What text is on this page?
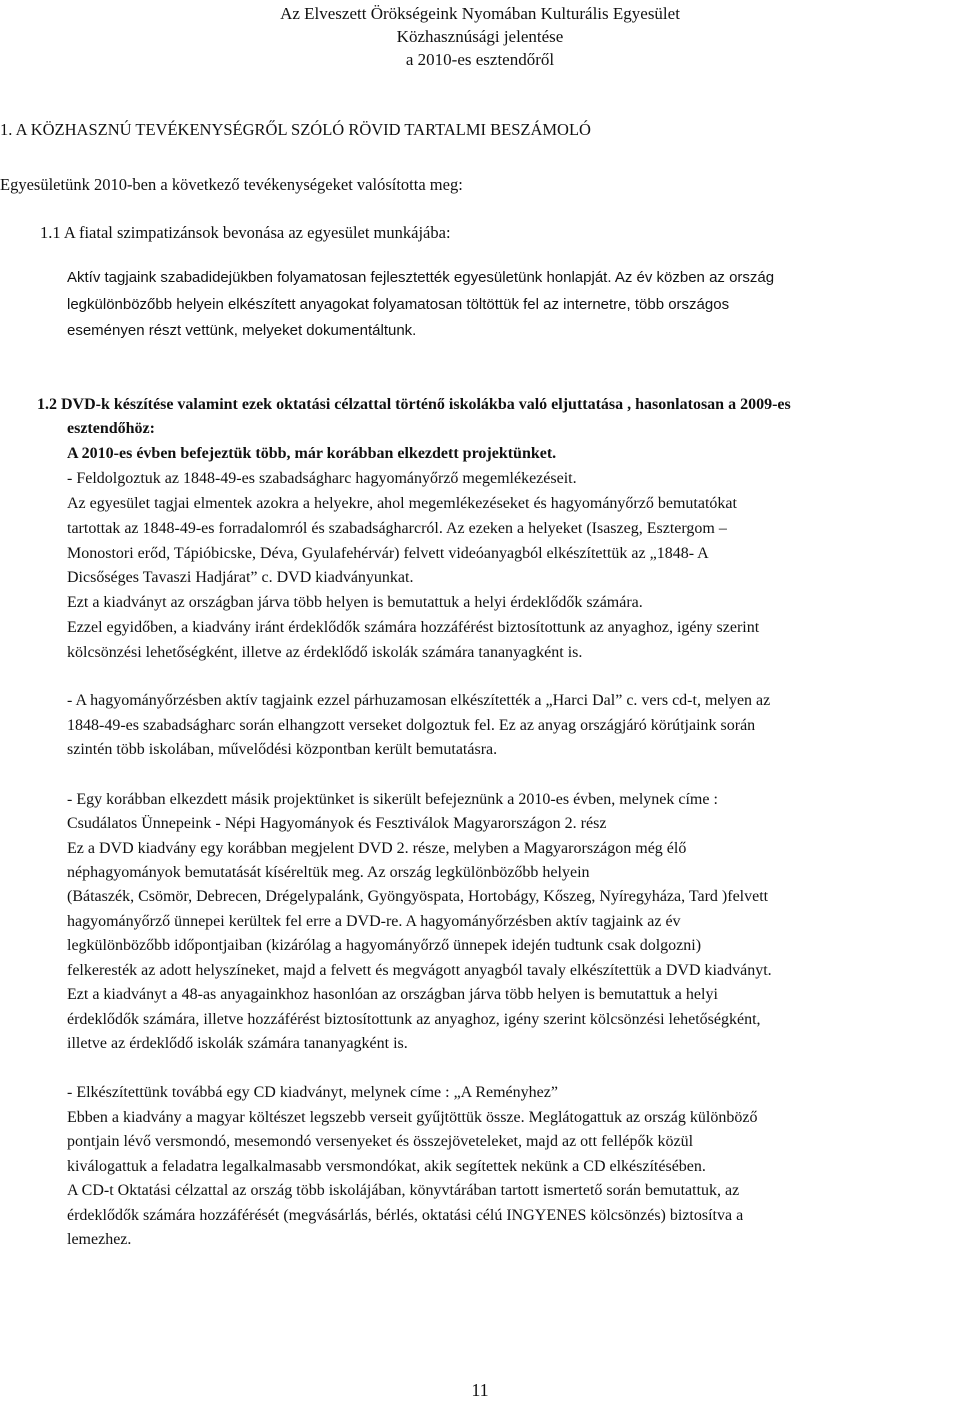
Az Elveszett Örökségeink Nyomában Kulturális Egyesület
Közhasznúsági jelentése
a 2010-es esztendőről
1. A KÖZHASZNÚ TEVÉKENYSÉGRŐL SZÓLÓ RÖVID TARTALMI BESZÁMOLÓ
Egyesületünk 2010-ben a következő tevékenységeket valósította meg:
1.1 A fiatal szimpatizánsok bevonása az egyesület munkájába:
Aktív tagjaink szabadidejükben folyamatosan fejlesztették egyesületünk honlapját. Az év közben az ország
legkülönbözőbb helyein elkészített anyagokat folyamatosan töltöttük fel az internetre, több országos
eseményen részt vettünk, melyeket dokumentáltunk.
1.2 DVD-k készítése valamint ezek oktatási célzattal történő iskolákba való eljuttatása , hasonlatosan a 2009-es
esztendőhöz:
A 2010-es évben befejeztük több, már korábban elkezdett projektünket.
- Feldolgoztuk az 1848-49-es szabadságharc hagyományőrző megemlékezéseit.
Az egyesület tagjai elmentek azokra a helyekre, ahol megemlékezéseket és hagyományőrző bemutatókat
tartottak az 1848-49-es forradalomról és szabadságharcról. Az ezeken a helyeket (Isaszeg, Esztergom –
Monostori erőd, Tápióbicske, Déva, Gyulafehérvár) felvett videóanyagból elkészítettük az „1848- A
Dicsőséges Tavaszi Hadjárat” c. DVD kiadványunkat.
Ezt a kiadványt az országban járva több helyen is bemutattuk a helyi érdeklődők számára.
Ezzel egyidőben, a kiadvány iránt érdeklődők számára hozzáférést biztosítottunk az anyaghoz, igény szerint
kölcsönzési lehetőségként, illetve az érdeklődő iskolák számára tananyagként is.
- A hagyományőrzésben aktív tagjaink ezzel párhuzamosan elkészítették a „Harci Dal” c. vers cd-t, melyen az
1848-49-es szabadságharc során elhangzott verseket dolgoztuk fel. Ez az anyag országjáró körútjaink során
szintén több iskolában, művelődési központban került bemutatásra.
- Egy korábban elkezdett másik projektünket is sikerült befejeznünk a 2010-es évben, melynek címe :
Csudálatos Ünnepeink - Népi Hagyományok és Fesztiválok Magyarországon 2. rész
Ez a DVD kiadvány egy korábban megjelent DVD 2. része, melyben a Magyarországon még élő
néphagyományok bemutatását kíséreltük meg. Az ország legkülönbözőbb helyein
(Bátaszék, Csömör, Debrecen, Drégelypalánk, Gyöngyöspata, Hortobágy, Kőszeg, Nyíregyháza, Tard )felvett
hagyományőrző ünnepei kerültek fel erre a DVD-re. A hagyományőrzésben aktív tagjaink az év
legkülönbözőbb időpontjaiban (kizárólag a hagyományőrző ünnepek idején tudtunk csak dolgozni)
felkeresték az adott helyszíneket, majd a felvett és megvágott anyagból tavaly elkészítettük a DVD kiadványt.
Ezt a kiadványt a 48-as anyagainkhoz hasonlóan az országban járva több helyen is bemutattuk a helyi
érdeklődők számára, illetve hozzáférést biztosítottunk az anyaghoz, igény szerint kölcsönzési lehetőségként,
illetve az érdeklődő iskolák számára tananyagként is.
- Elkészítettünk továbbá egy CD kiadványt, melynek címe : „A Reményhez”
Ebben a kiadvány a magyar költészet legszebb verseit gyűjtöttük össze. Meglátogattuk az ország különböző
pontjain lévő versmondó, mesemondó versenyeket és összejöveteleket, majd az ott fellépők közül
kiválogattuk a feladatra legalkalmasabb versmondókat, akik segítettek nekünk a CD elkészítésében.
A CD-t Oktatási célzattal az ország több iskolájában, könyvtárában tartott ismertető során bemutattuk, az
érdeklődők számára hozzáférését (megvásárlás, bérlés, oktatási célú INGYENES kölcsönzés) biztosítva a
lemezhez.
11
